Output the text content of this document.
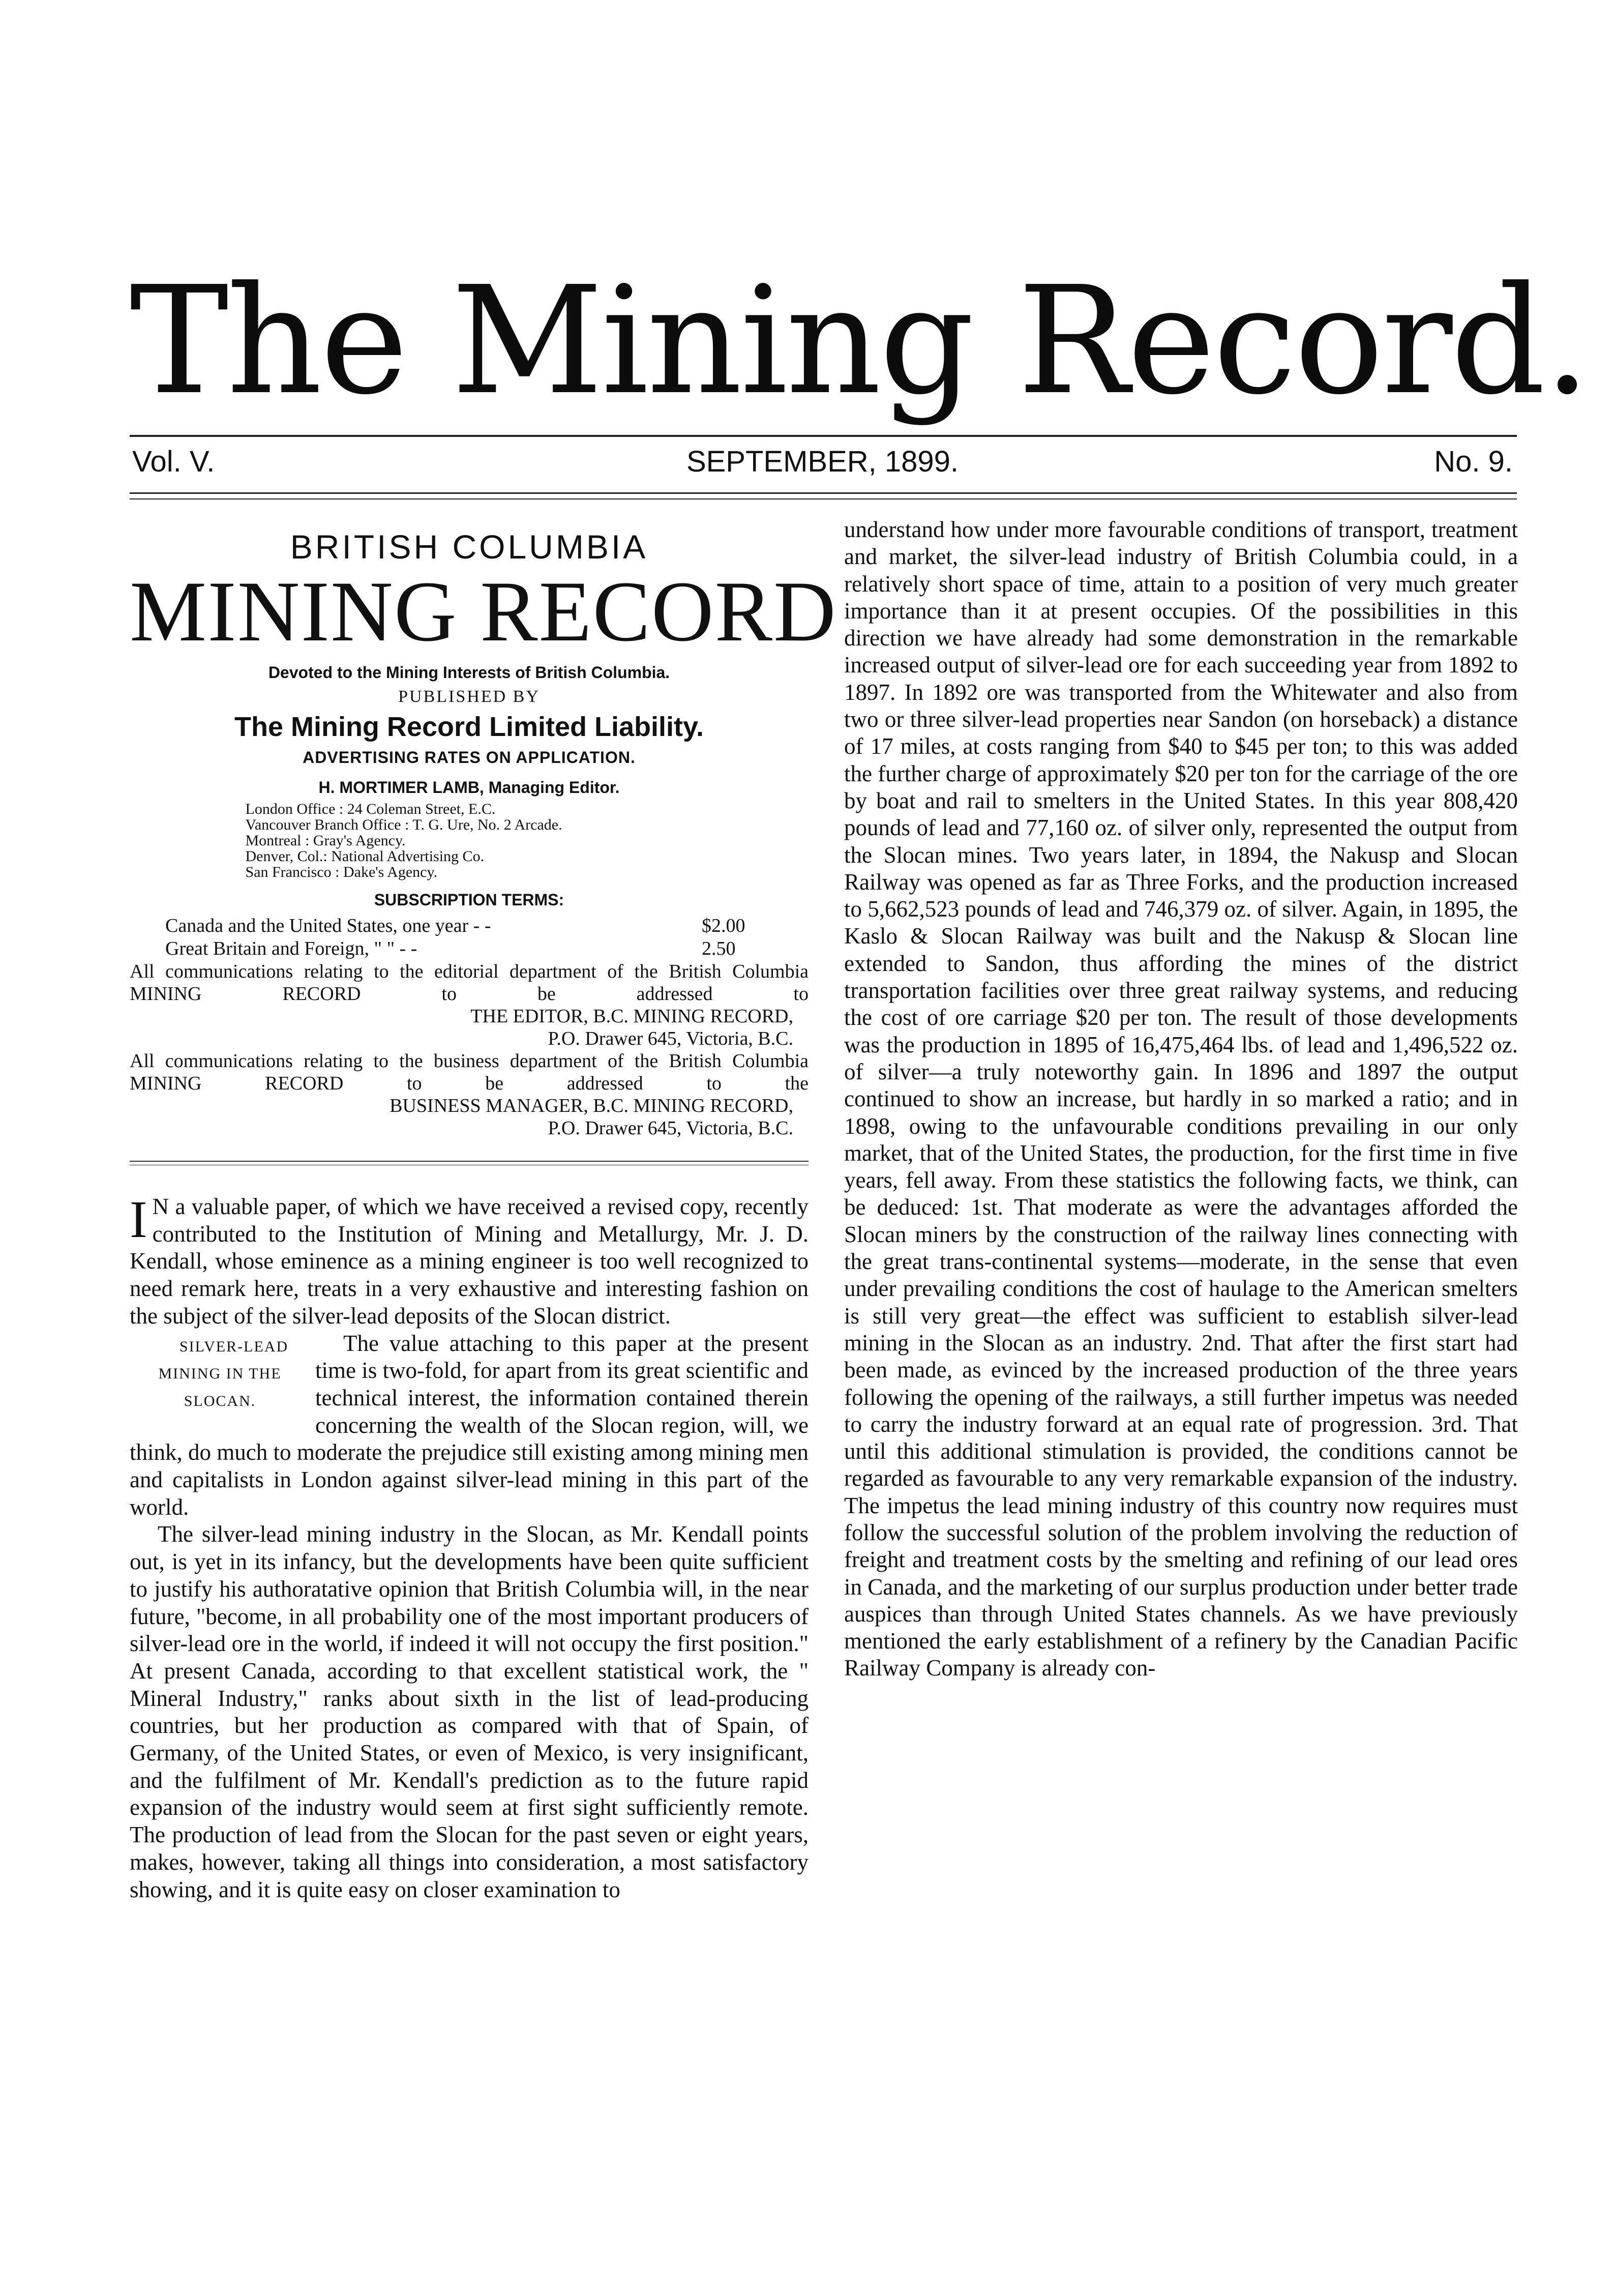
The Mining Record.
Vol. V.	SEPTEMBER, 1899.	No. 9.
BRITISH COLUMBIA
MINING RECORD
Devoted to the Mining Interests of British Columbia.
PUBLISHED BY
The Mining Record Limited Liability.
ADVERTISING RATES ON APPLICATION.
H. MORTIMER LAMB, Managing Editor.
London Office : 24 Coleman Street, E.C.
Vancouver Branch Office : T. G. Ure, No. 2 Arcade.
Montreal : Gray's Agency.
Denver, Col.: National Advertising Co.
San Francisco : Dake's Agency.
SUBSCRIPTION TERMS:
Canada and the United States, one year - -	$2.00
Great Britain and Foreign, " " - -	2.50
All communications relating to the editorial department of the British Columbia MINING RECORD to be addressed to
THE EDITOR, B.C. MINING RECORD,
P.O. Drawer 645, Victoria, B.C.
All communications relating to the business department of the British Columbia MINING RECORD to be addressed to the
BUSINESS MANAGER, B.C. MINING RECORD,
P.O. Drawer 645, Victoria, B.C.
I N a valuable paper, of which we have received a revised copy, recently contributed to the Institution of Mining and Metallurgy, Mr. J. D. Kendall, whose eminence as a mining engineer is too well recognized to need remark here, treats in a very exhaustive and interesting fashion on the subject of the silver-lead deposits of the Slocan district.

SILVER-LEAD MINING IN THE SLOCAN.
The value attaching to this paper at the present time is two-fold, for apart from its great scientific and technical interest, the information contained therein concerning the wealth of the Slocan region, will, we think, do much to moderate the prejudice still existing among mining men and capitalists in London against silver-lead mining in this part of the world.

The silver-lead mining industry in the Slocan, as Mr. Kendall points out, is yet in its infancy, but the developments have been quite sufficient to justify his authoratative opinion that British Columbia will, in the near future, "become, in all probability one of the most important producers of silver-lead ore in the world, if indeed it will not occupy the first position." At present Canada, according to that excellent statistical work, the " Mineral Industry," ranks about sixth in the list of lead-producing countries, but her production as compared with that of Spain, of Germany, of the United States, or even of Mexico, is very insignificant, and the fulfilment of Mr. Kendall's prediction as to the future rapid expansion of the industry would seem at first sight sufficiently remote. The production of lead from the Slocan for the past seven or eight years, makes, however, taking all things into consideration, a most satisfactory showing, and it is quite easy on closer examination to

understand how under more favourable conditions of transport, treatment and market, the silver-lead industry of British Columbia could, in a relatively short space of time, attain to a position of very much greater importance than it at present occupies. Of the possibilities in this direction we have already had some demonstration in the remarkable increased output of silver-lead ore for each succeeding year from 1892 to 1897. In 1892 ore was transported from the Whitewater and also from two or three silver-lead properties near Sandon (on horseback) a distance of 17 miles, at costs ranging from $40 to $45 per ton; to this was added the further charge of approximately $20 per ton for the carriage of the ore by boat and rail to smelters in the United States. In this year 808,420 pounds of lead and 77,160 oz. of silver only, represented the output from the Slocan mines. Two years later, in 1894, the Nakusp and Slocan Railway was opened as far as Three Forks, and the production increased to 5,662,523 pounds of lead and 746,379 oz. of silver. Again, in 1895, the Kaslo & Slocan Railway was built and the Nakusp & Slocan line extended to Sandon, thus affording the mines of the district transportation facilities over three great railway systems, and reducing the cost of ore carriage $20 per ton. The result of those developments was the production in 1895 of 16,475,464 lbs. of lead and 1,496,522 oz. of silver—a truly noteworthy gain. In 1896 and 1897 the output continued to show an increase, but hardly in so marked a ratio; and in 1898, owing to the unfavourable conditions prevailing in our only market, that of the United States, the production, for the first time in five years, fell away. From these statistics the following facts, we think, can be deduced: 1st. That moderate as were the advantages afforded the Slocan miners by the construction of the railway lines connecting with the great trans-continental systems—moderate, in the sense that even under prevailing conditions the cost of haulage to the American smelters is still very great—the effect was sufficient to establish silver-lead mining in the Slocan as an industry. 2nd. That after the first start had been made, as evinced by the increased production of the three years following the opening of the railways, a still further impetus was needed to carry the industry forward at an equal rate of progression. 3rd. That until this additional stimulation is provided, the conditions cannot be regarded as favourable to any very remarkable expansion of the industry. The impetus the lead mining industry of this country now requires must follow the successful solution of the problem involving the reduction of freight and treatment costs by the smelting and refining of our lead ores in Canada, and the marketing of our surplus production under better trade auspices than through United States channels. As we have previously mentioned the early establishment of a refinery by the Canadian Pacific Railway Company is already con-
